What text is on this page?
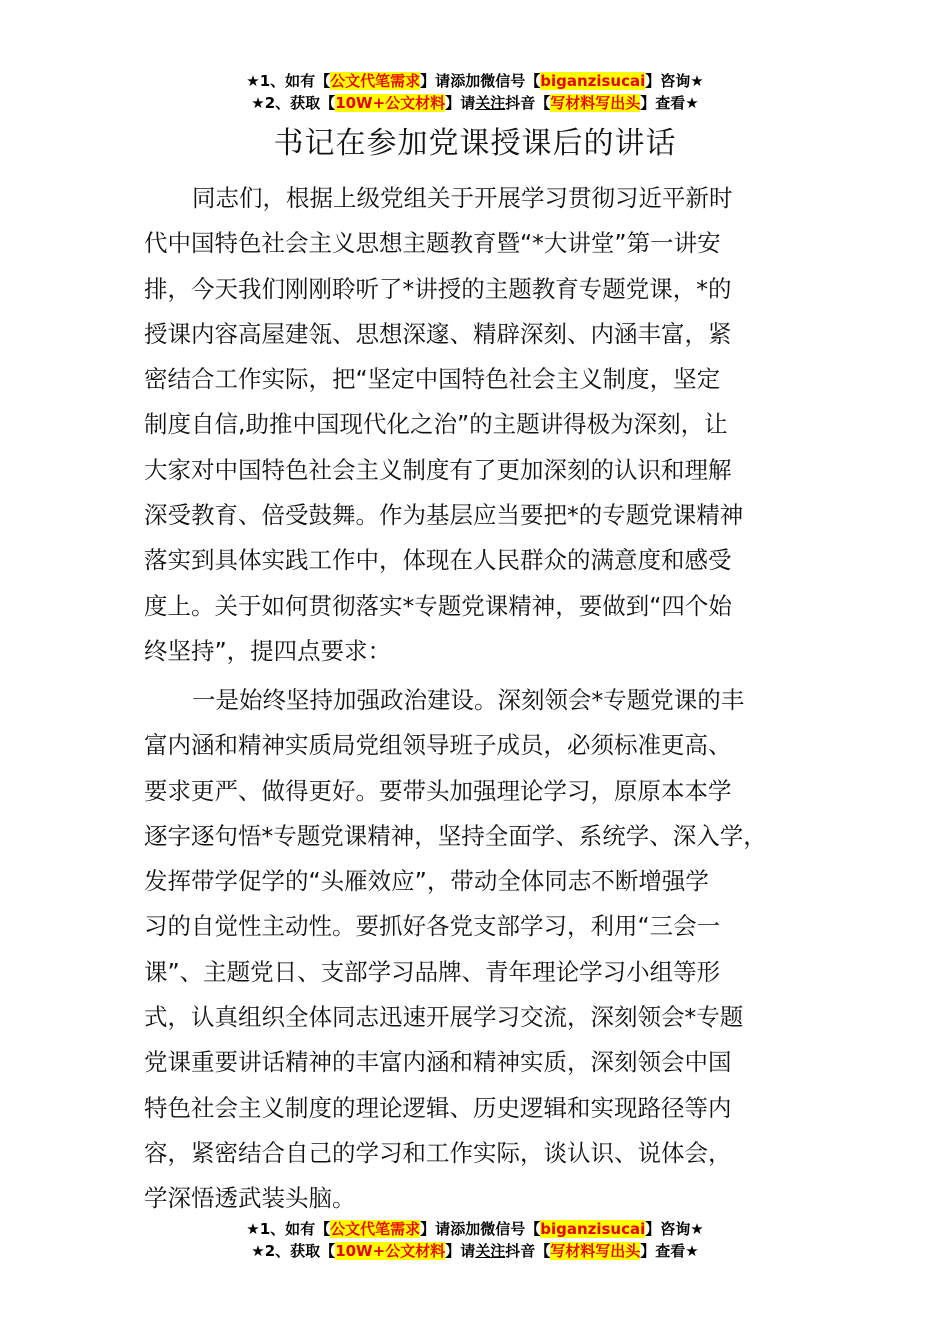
★1、如有【公文代笔需求】请添加微信号【biganzisucai】咨询★
★2、获取【10W+公文材料】请关注抖音【写材料写出头】查看★
书记在参加党课授课后的讲话
同志们，根据上级党组关于开展学习贯彻习近平新时
代中国特色社会主义思想主题教育暨“*大讲堂”第一讲安
排，今天我们刚刚聆听了*讲授的主题教育专题党课，*的
授课内容高屋建瓴、思想深邃、精辟深刻、内涵丰富，紧
密结合工作实际，把“坚定中国特色社会主义制度，坚定
制度自信,助推中国现代化之治”的主题讲得极为深刻，让
大家对中国特色社会主义制度有了更加深刻的认识和理解
深受教育、倍受鼓舞。作为基层应当要把*的专题党课精神
落实到具体实践工作中，体现在人民群众的满意度和感受
度上。关于如何贯彻落实*专题党课精神，要做到“四个始
终坚持”，提四点要求：
一是始终坚持加强政治建设。深刻领会*专题党课的丰
富内涵和精神实质局党组领导班子成员，必须标准更高、
要求更严、做得更好。要带头加强理论学习，原原本本学
逐字逐句悟*专题党课精神，坚持全面学、系统学、深入学，
发挥带学促学的“头雁效应”，带动全体同志不断增强学
习的自觉性主动性。要抓好各党支部学习，利用“三会一
课”、主题党日、支部学习品牌、青年理论学习小组等形
式，认真组织全体同志迅速开展学习交流，深刻领会*专题
党课重要讲话精神的丰富内涵和精神实质，深刻领会中国
特色社会主义制度的理论逻辑、历史逻辑和实现路径等内
容，紧密结合自己的学习和工作实际，谈认识、说体会，
学深悟透武装头脑。
★1、如有【公文代笔需求】请添加微信号【biganzisucai】咨询★
★2、获取【10W+公文材料】请关注抖音【写材料写出头】查看★
